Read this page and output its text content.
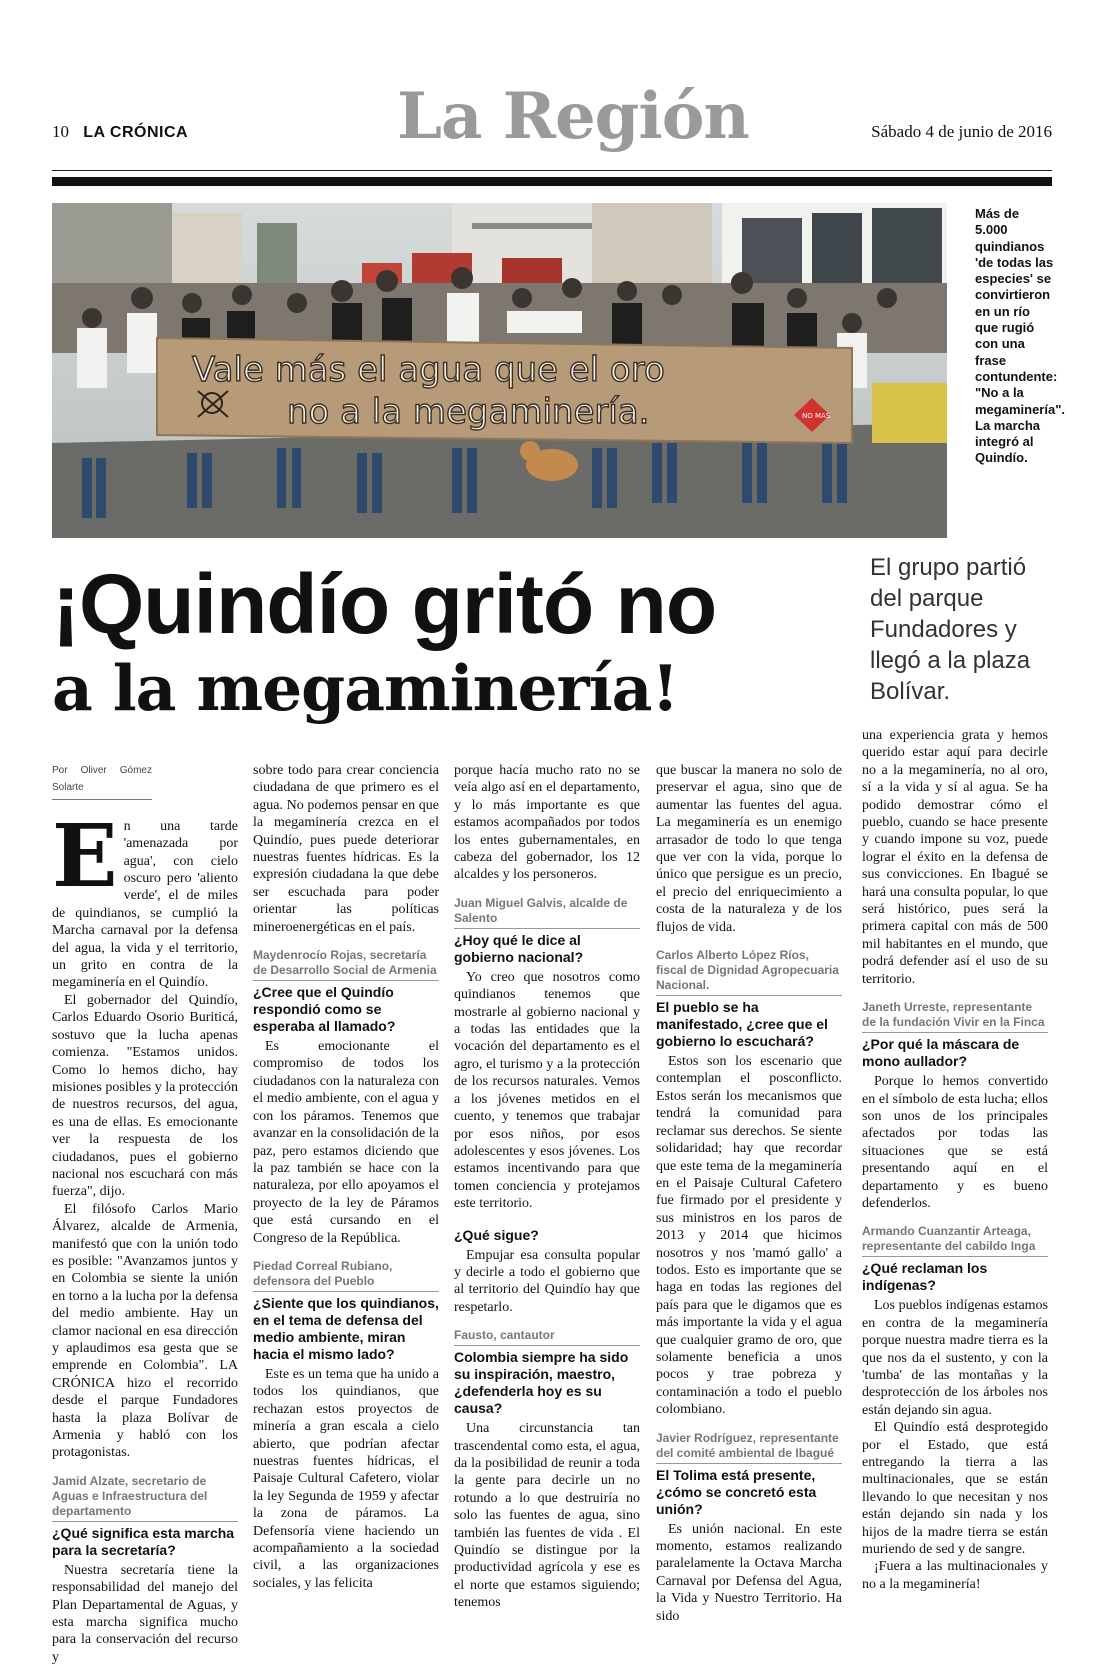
10 LA CRÓNICA	La Región	Sábado 4 de junio de 2016
Vale más el agua que el oro
no a la megaminería.	NO MAS

Más de 5.000 quindianos 'de todas las especies' se convirtieron en un río que rugió con una frase contundente: "No a la megaminería". La marcha integró al Quindío.

¡Quindío gritó no
a la megaminería!

El grupo partió del parque Fundadores y llegó a la plaza Bolívar.

Por Oliver Gómez Solarte
E n una tarde 'amenazada por agua', con cielo oscuro pero 'aliento verde', el de miles de quindianos, se cumplió la Marcha carnaval por la defensa del agua, la vida y el territorio, un grito en contra de la megaminería en el Quindío.

El gobernador del Quindío, Carlos Eduardo Osorio Buriticá, sostuvo que la lucha apenas comienza. "Estamos unidos. Como lo hemos dicho, hay misiones posibles y la protección de nuestros recursos, del agua, es una de ellas. Es emocionante ver la respuesta de los ciudadanos, pues el gobierno nacional nos escuchará con más fuerza", dijo.

El filósofo Carlos Mario Álvarez, alcalde de Armenia, manifestó que con la unión todo es posible: "Avanzamos juntos y en Colombia se siente la unión en torno a la lucha por la defensa del medio ambiente. Hay un clamor nacional en esa dirección y aplaudimos esa gesta que se emprende en Colombia". LA CRÓNICA hizo el recorrido desde el parque Fundadores hasta la plaza Bolívar de Armenia y habló con los protagonistas.

Jamid Alzate, secretario de Aguas e Infraestructura del departamento
¿Qué significa esta marcha para la secretaría?

Nuestra secretaría tiene la responsabilidad del manejo del Plan Departamental de Aguas, y esta marcha significa mucho para la conservación del recurso y

sobre todo para crear conciencia ciudadana de que primero es el agua. No podemos pensar en que la megaminería crezca en el Quindío, pues puede deteriorar nuestras fuentes hídricas. Es la expresión ciudadana la que debe ser escuchada para poder orientar las políticas mineroenergéticas en el país.

Maydenrocío Rojas, secretaría de Desarrollo Social de Armenia
¿Cree que el Quindío respondió como se esperaba al llamado?

Es emocionante el compromiso de todos los ciudadanos con la naturaleza con el medio ambiente, con el agua y con los páramos. Tenemos que avanzar en la consolidación de la paz, pero estamos diciendo que la paz también se hace con la naturaleza, por ello apoyamos el proyecto de la ley de Páramos que está cursando en el Congreso de la República.

Piedad Correal Rubiano, defensora del Pueblo
¿Siente que los quindianos, en el tema de defensa del medio ambiente, miran hacia el mismo lado?

Este es un tema que ha unido a todos los quindianos, que rechazan estos proyectos de minería a gran escala a cielo abierto, que podrían afectar nuestras fuentes hídricas, el Paisaje Cultural Cafetero, violar la ley Segunda de 1959 y afectar la zona de páramos. La Defensoría viene haciendo un acompañamiento a la sociedad civil, a las organizaciones sociales, y las felicita

porque hacía mucho rato no se veía algo así en el departamento, y lo más importante es que estamos acompañados por todos los entes gubernamentales, en cabeza del gobernador, los 12 alcaldes y los personeros.

Juan Miguel Galvis, alcalde de Salento
¿Hoy qué le dice al gobierno nacional?

Yo creo que nosotros como quindianos tenemos que mostrarle al gobierno nacional y a todas las entidades que la vocación del departamento es el agro, el turismo y a la protección de los recursos naturales. Vemos a los jóvenes metidos en el cuento, y tenemos que trabajar por esos niños, por esos adolescentes y esos jóvenes. Los estamos incentivando para que tomen conciencia y protejamos este territorio.

¿Qué sigue?

Empujar esa consulta popular y decirle a todo el gobierno que al territorio del Quindío hay que respetarlo.

Fausto, cantautor
Colombia siempre ha sido su inspiración, maestro, ¿defenderla hoy es su causa?

Una circunstancia tan trascendental como esta, el agua, da la posibilidad de reunir a toda la gente para decirle un no rotundo a lo que destruiría no solo las fuentes de agua, sino también las fuentes de vida . El Quindío se distingue por la productividad agrícola y ese es el norte que estamos siguiendo; tenemos

que buscar la manera no solo de preservar el agua, sino que de aumentar las fuentes del agua. La megaminería es un enemigo arrasador de todo lo que tenga que ver con la vida, porque lo único que persigue es un precio, el precio del enriquecimiento a costa de la naturaleza y de los flujos de vida.

Carlos Alberto López Ríos, fiscal de Dignidad Agropecuaria Nacional.
El pueblo se ha manifestado, ¿cree que el gobierno lo escuchará?

Estos son los escenario que contemplan el posconflicto. Estos serán los mecanismos que tendrá la comunidad para reclamar sus derechos. Se siente solidaridad; hay que recordar que este tema de la megaminería en el Paisaje Cultural Cafetero fue firmado por el presidente y sus ministros en los paros de 2013 y 2014 que hicimos nosotros y nos 'mamó gallo' a todos. Esto es importante que se haga en todas las regiones del país para que le digamos que es más importante la vida y el agua que cualquier gramo de oro, que solamente beneficia a unos pocos y trae pobreza y contaminación a todo el pueblo colombiano.

Javier Rodríguez, representante del comité ambiental de Ibagué
El Tolima está presente, ¿cómo se concretó esta unión?

Es unión nacional. En este momento, estamos realizando paralelamente la Octava Marcha Carnaval por Defensa del Agua, la Vida y Nuestro Territorio. Ha sido

una experiencia grata y hemos querido estar aquí para decirle no a la megaminería, no al oro, sí a la vida y sí al agua. Se ha podido demostrar cómo el pueblo, cuando se hace presente y cuando impone su voz, puede lograr el éxito en la defensa de sus convicciones. En Ibagué se hará una consulta popular, lo que será histórico, pues será la primera capital con más de 500 mil habitantes en el mundo, que podrá defender así el uso de su territorio.

Janeth Urreste, representante de la fundación Vivir en la Finca
¿Por qué la máscara de mono aullador?

Porque lo hemos convertido en el símbolo de esta lucha; ellos son unos de los principales afectados por todas las situaciones que se está presentando aquí en el departamento y es bueno defenderlos.

Armando Cuanzantir Arteaga, representante del cabildo Inga
¿Qué reclaman los indígenas?

Los pueblos indígenas estamos en contra de la megaminería porque nuestra madre tierra es la que nos da el sustento, y con la 'tumba' de las montañas y la desprotección de los árboles nos están dejando sin agua.

El Quindío está desprotegido por el Estado, que está entregando la tierra a las multinacionales, que se están llevando lo que necesitan y nos están dejando sin nada y los hijos de la madre tierra se están muriendo de sed y de sangre.

¡Fuera a las multinacionales y no a la megaminería!
